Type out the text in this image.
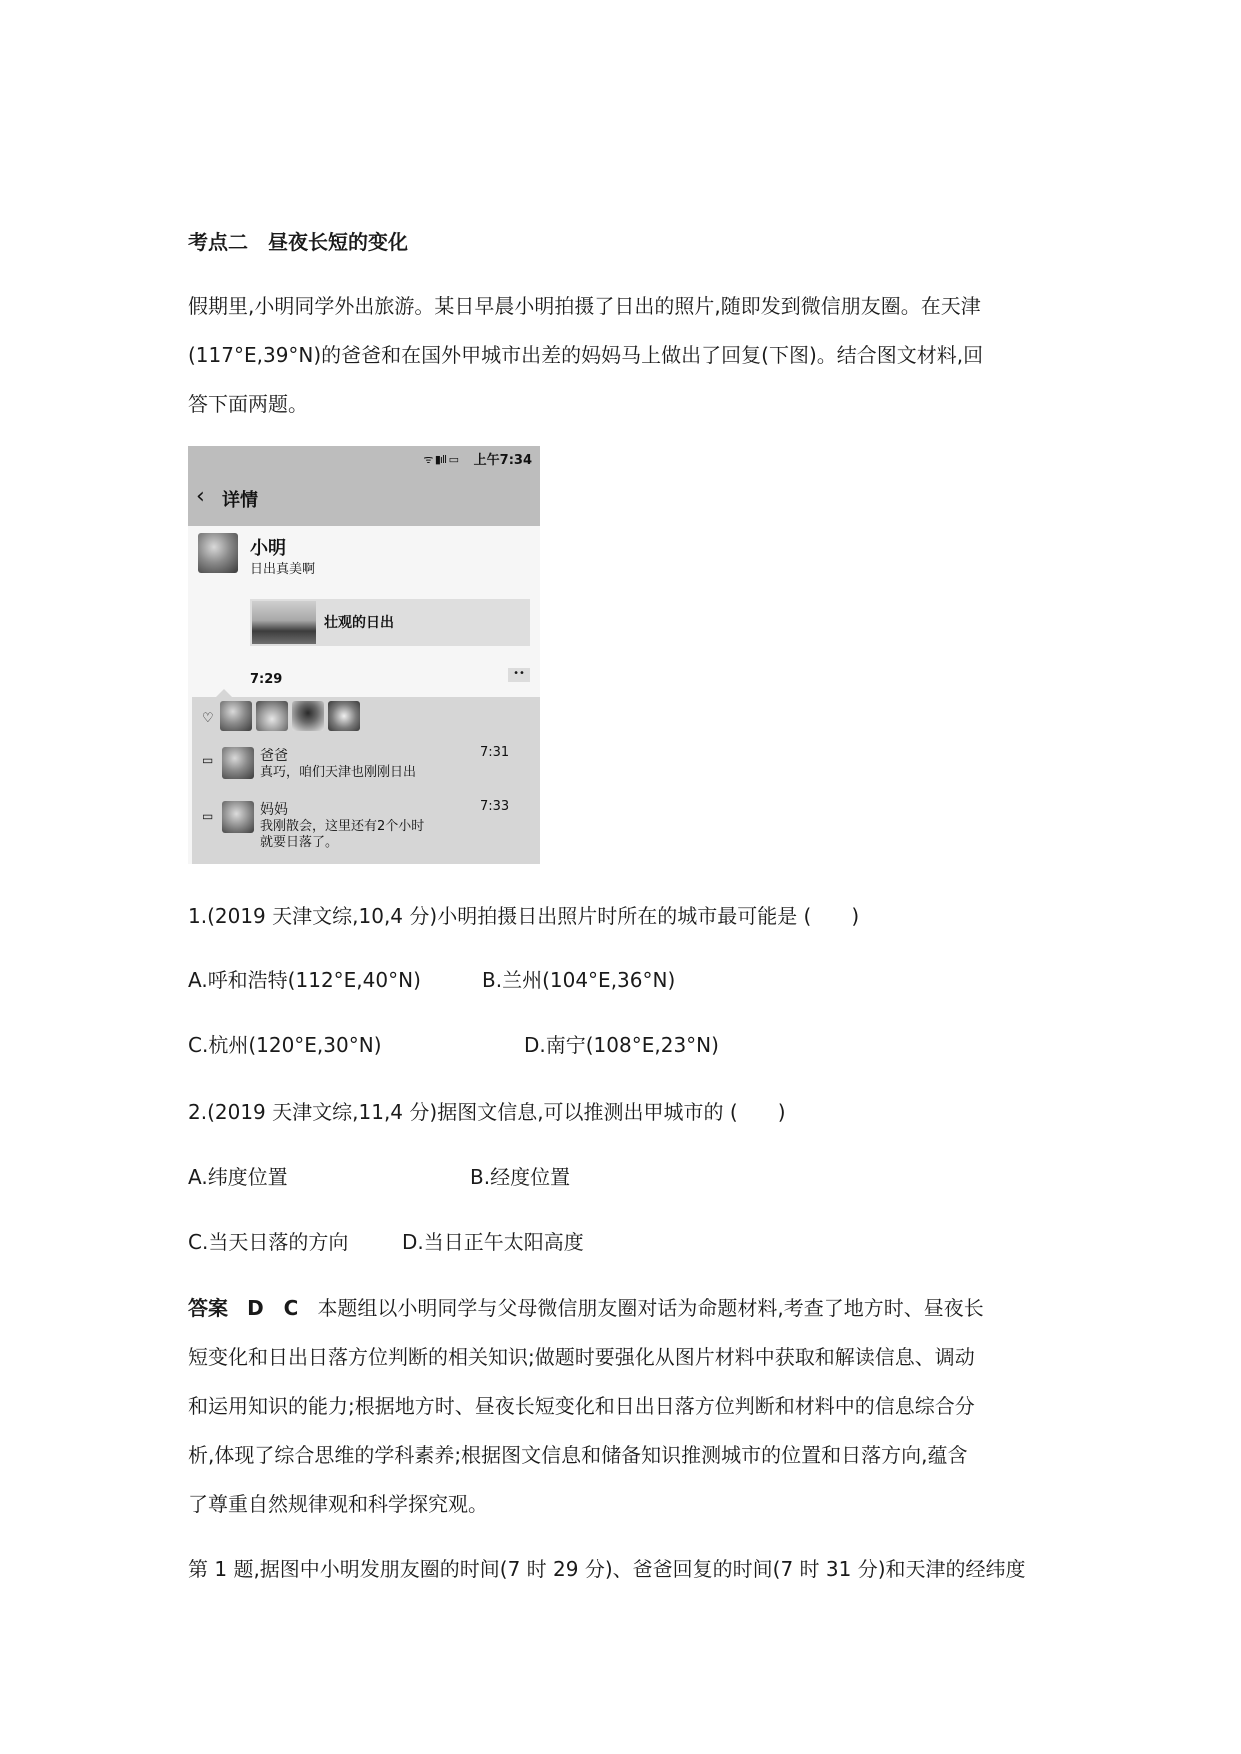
考点二　昼夜长短的变化
假期里,小明同学外出旅游。某日早晨小明拍摄了日出的照片,随即发到微信朋友圈。在天津
(117°E,39°N)的爸爸和在国外甲城市出差的妈妈马上做出了回复(下图)。结合图文材料,回
答下面两题。
ᯤ ▮ıll ▭ 上午7:34
‹ 详情
小明
日出真美啊
壮观的日出
7:29	••
♡
▭	爸爸	7:31
真巧，咱们天津也刚刚日出
▭	妈妈	7:33
我刚散会，这里还有2个小时
就要日落了。
1.(2019 天津文综,10,4 分)小明拍摄日出照片时所在的城市最可能是 (　　)
A.呼和浩特(112°E,40°N)	B.兰州(104°E,36°N)
C.杭州(120°E,30°N)	D.南宁(108°E,23°N)
2.(2019 天津文综,11,4 分)据图文信息,可以推测出甲城市的 (　　)
A.纬度位置	B.经度位置
C.当天日落的方向	D.当日正午太阳高度
答案 D　C 本题组以小明同学与父母微信朋友圈对话为命题材料,考查了地方时、昼夜长
短变化和日出日落方位判断的相关知识;做题时要强化从图片材料中获取和解读信息、调动
和运用知识的能力;根据地方时、昼夜长短变化和日出日落方位判断和材料中的信息综合分
析,体现了综合思维的学科素养;根据图文信息和储备知识推测城市的位置和日落方向,蕴含
了尊重自然规律观和科学探究观。
第 1 题,据图中小明发朋友圈的时间(7 时 29 分)、爸爸回复的时间(7 时 31 分)和天津的经纬度
